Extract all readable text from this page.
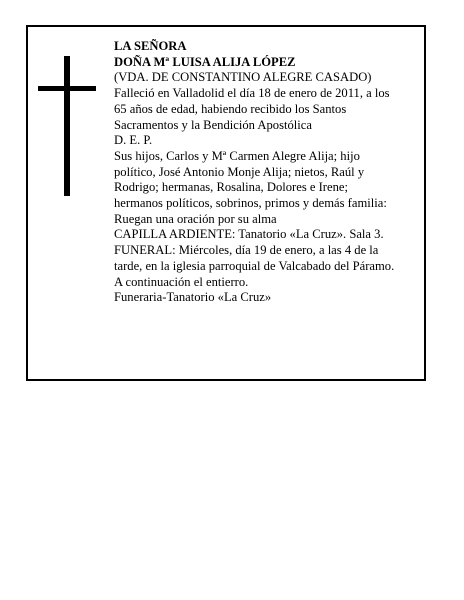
LA SEÑORA
DOÑA Mª LUISA ALIJA LÓPEZ
(VDA. DE CONSTANTINO ALEGRE CASADO)
Falleció en Valladolid el día 18 de enero de 2011, a los
65 años de edad, habiendo recibido los Santos
Sacramentos y la Bendición Apostólica
D. E. P.
Sus hijos, Carlos y Mª Carmen Alegre Alija; hijo
político, José Antonio Monje Alija; nietos, Raúl y
Rodrigo; hermanas, Rosalina, Dolores e Irene;
hermanos políticos, sobrinos, primos y demás familia:
Ruegan una oración por su alma
CAPILLA ARDIENTE: Tanatorio «La Cruz». Sala 3.
FUNERAL: Miércoles, día 19 de enero, a las 4 de la
tarde, en la iglesia parroquial de Valcabado del Páramo.
A continuación el entierro.
Funeraria-Tanatorio «La Cruz»
